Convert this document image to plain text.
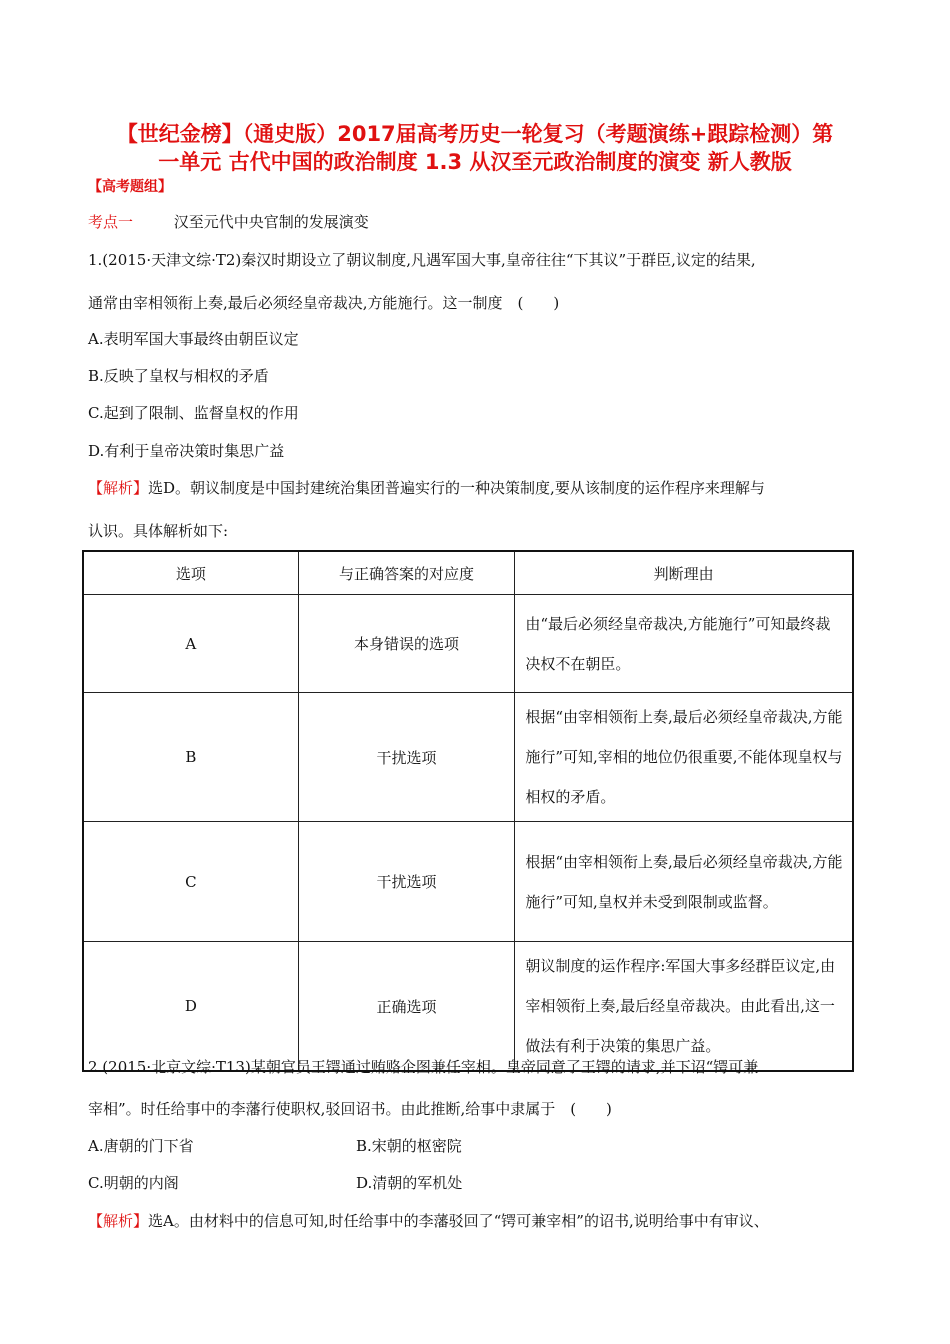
【世纪金榜】（通史版）2017届高考历史一轮复习（考题演练+跟踪检测）第
一单元 古代中国的政治制度 1.3 从汉至元政治制度的演变 新人教版
【高考题组】
考点一	汉至元代中央官制的发展演变
1.(2015·天津文综·T2)秦汉时期设立了朝议制度,凡遇军国大事,皇帝往往“下其议”于群臣,议定的结果,
通常由宰相领衔上奏,最后必须经皇帝裁决,方能施行。这一制度　(　　)
A.表明军国大事最终由朝臣议定
B.反映了皇权与相权的矛盾
C.起到了限制、监督皇权的作用
D.有利于皇帝决策时集思广益
【解析】选D。朝议制度是中国封建统治集团普遍实行的一种决策制度,要从该制度的运作程序来理解与
认识。具体解析如下:
选项	与正确答案的对应度	判断理由
A	本身错误的选项	由“最后必须经皇帝裁决,方能施行”可知最终裁决权不在朝臣。
B	干扰选项	根据“由宰相领衔上奏,最后必须经皇帝裁决,方能施行”可知,宰相的地位仍很重要,不能体现皇权与相权的矛盾。
C	干扰选项	根据“由宰相领衔上奏,最后必须经皇帝裁决,方能施行”可知,皇权并未受到限制或监督。
D	正确选项	朝议制度的运作程序:军国大事多经群臣议定,由宰相领衔上奏,最后经皇帝裁决。由此看出,这一做法有利于决策的集思广益。
2.(2015·北京文综·T13)某朝官员王锷通过贿赂企图兼任宰相。皇帝同意了王锷的请求,并下诏“锷可兼
宰相”。时任给事中的李藩行使职权,驳回诏书。由此推断,给事中隶属于　(　　)
A.唐朝的门下省	B.宋朝的枢密院
C.明朝的内阁	D.清朝的军机处
【解析】选A。由材料中的信息可知,时任给事中的李藩驳回了“锷可兼宰相”的诏书,说明给事中有审议、
